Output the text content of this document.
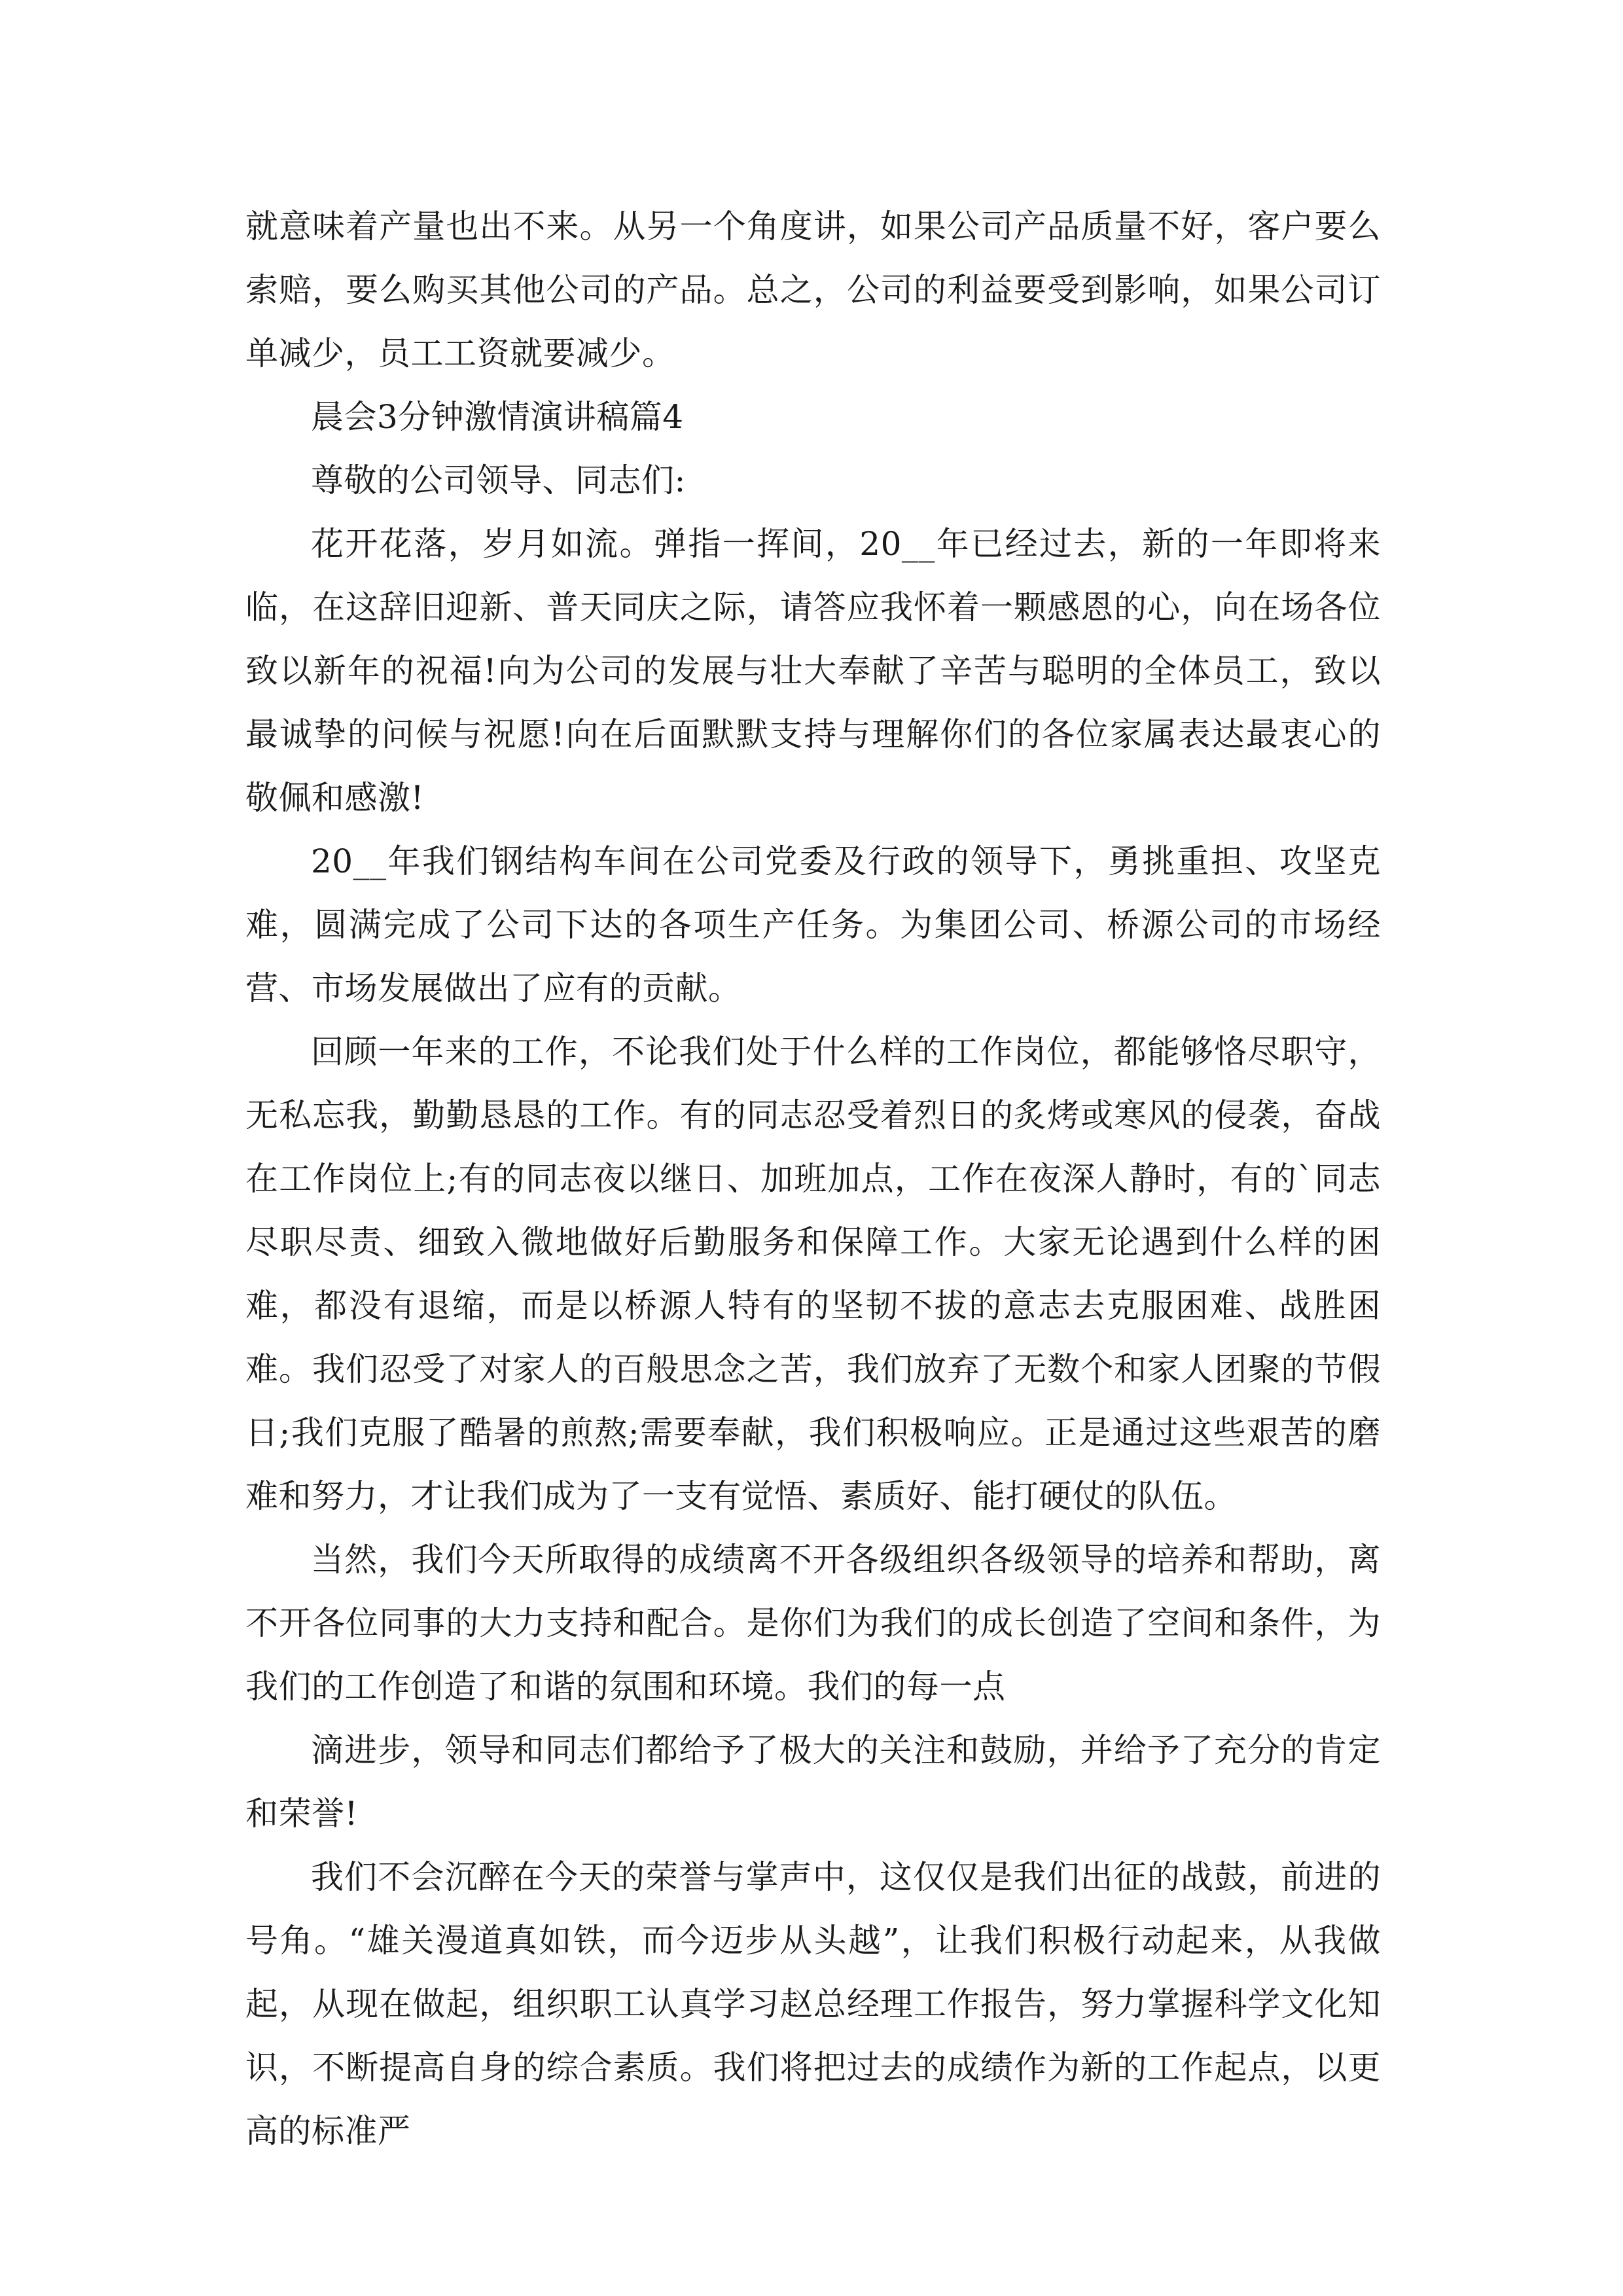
就意味着产量也出不来。从另一个角度讲，如果公司产品质量不好，客户要么索赔，要么购买其他公司的产品。总之，公司的利益要受到影响，如果公司订单减少，员工工资就要减少。

晨会3分钟激情演讲稿篇4

尊敬的公司领导、同志们:

花开花落，岁月如流。弹指一挥间，20__年已经过去，新的一年即将来临，在这辞旧迎新、普天同庆之际，请答应我怀着一颗感恩的心，向在场各位致以新年的祝福!向为公司的发展与壮大奉献了辛苦与聪明的全体员工，致以最诚挚的问候与祝愿!向在后面默默支持与理解你们的各位家属表达最衷心的敬佩和感激!

20__年我们钢结构车间在公司党委及行政的领导下，勇挑重担、攻坚克难，圆满完成了公司下达的各项生产任务。为集团公司、桥源公司的市场经营、市场发展做出了应有的贡献。

回顾一年来的工作，不论我们处于什么样的工作岗位，都能够恪尽职守，无私忘我，勤勤恳恳的工作。有的同志忍受着烈日的炙烤或寒风的侵袭，奋战在工作岗位上;有的同志夜以继日、加班加点，工作在夜深人静时，有的`同志尽职尽责、细致入微地做好后勤服务和保障工作。大家无论遇到什么样的困难，都没有退缩，而是以桥源人特有的坚韧不拔的意志去克服困难、战胜困难。我们忍受了对家人的百般思念之苦，我们放弃了无数个和家人团聚的节假日;我们克服了酷暑的煎熬;需要奉献，我们积极响应。正是通过这些艰苦的磨难和努力，才让我们成为了一支有觉悟、素质好、能打硬仗的队伍。

当然，我们今天所取得的成绩离不开各级组织各级领导的培养和帮助，离不开各位同事的大力支持和配合。是你们为我们的成长创造了空间和条件，为我们的工作创造了和谐的氛围和环境。我们的每一点

滴进步，领导和同志们都给予了极大的关注和鼓励，并给予了充分的肯定和荣誉!

我们不会沉醉在今天的荣誉与掌声中，这仅仅是我们出征的战鼓，前进的号角。“雄关漫道真如铁，而今迈步从头越”，让我们积极行动起来，从我做起，从现在做起，组织职工认真学习赵总经理工作报告，努力掌握科学文化知识，不断提高自身的综合素质。我们将把过去的成绩作为新的工作起点，以更高的标准严
